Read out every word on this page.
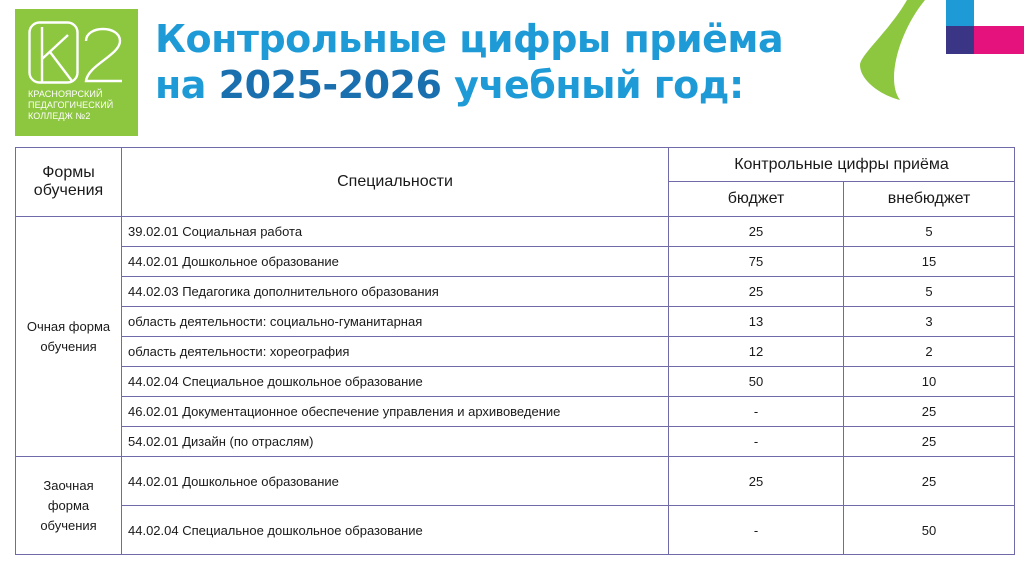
КРАСНОЯРСКИЙ
ПЕДАГОГИЧЕСКИЙ
КОЛЛЕДЖ №2
Контрольные цифры приёма
на 2025-2026 учебный год:
Формы обучения	Специальности	Контрольные цифры приёма	
		бюджет	внебюджет
Очная форма обучения	39.02.01 Социальная работа	25	5
	44.02.01 Дошкольное образование	75	15
	44.02.03 Педагогика дополнительного образования	25	5
	область деятельности: социально-гуманитарная	13	3
	область деятельности: хореография	12	2
	44.02.04 Специальное дошкольное образование	50	10
	46.02.01 Документационное обеспечение управления и архивоведение	-	25
	54.02.01 Дизайн (по отраслям)	-	25
Заочная форма обучения	44.02.01 Дошкольное образование	25	25
	44.02.04 Специальное дошкольное образование	-	50
